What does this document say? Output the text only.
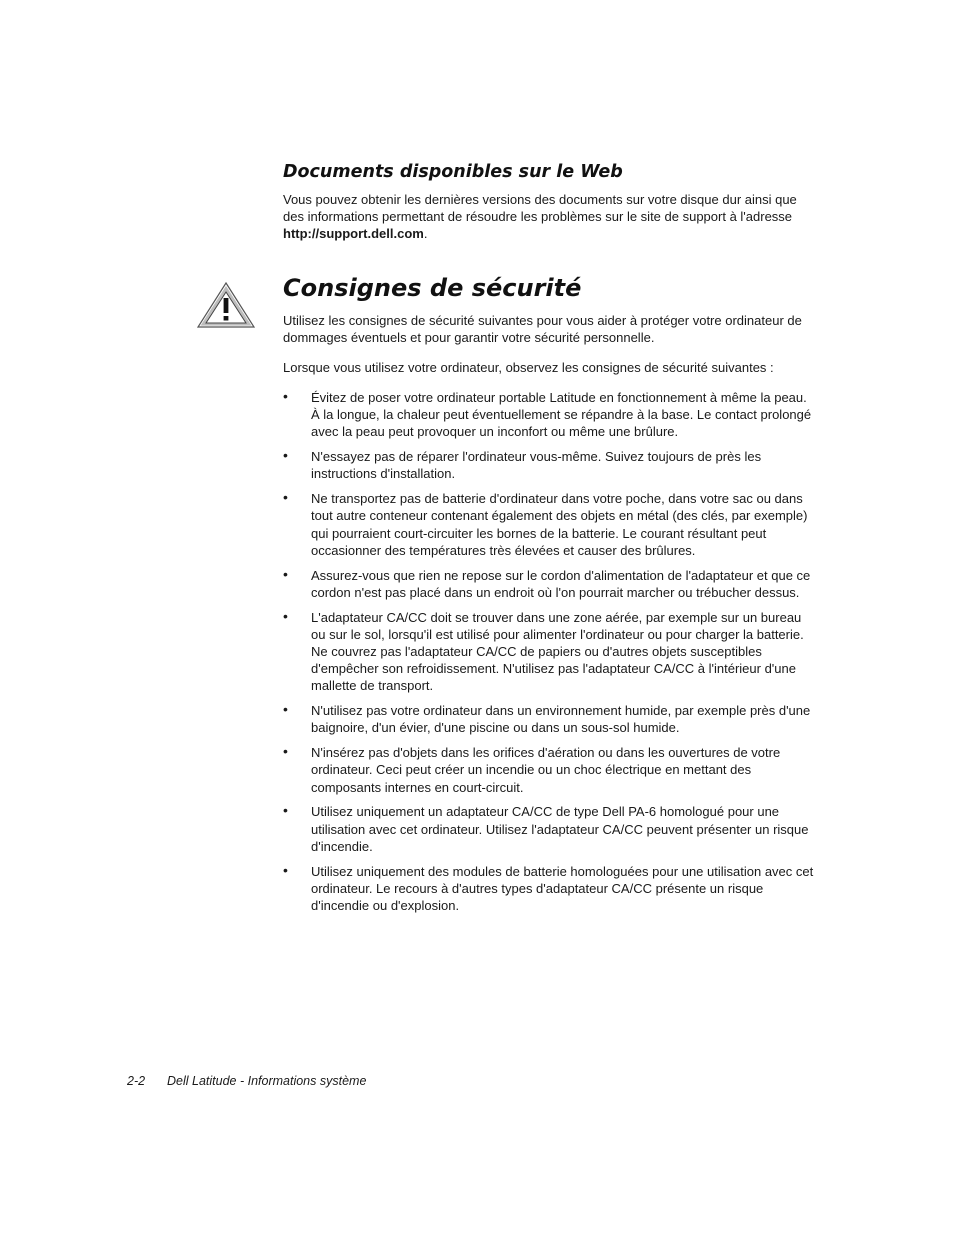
Documents disponibles sur le Web

Vous pouvez obtenir les dernières versions des documents sur votre disque dur ainsi que des informations permettant de résoudre les problèmes sur le site de support à l'adresse http://support.dell.com.

Consignes de sécurité

Utilisez les consignes de sécurité suivantes pour vous aider à protéger votre ordinateur de dommages éventuels et pour garantir votre sécurité personnelle.

Lorsque vous utilisez votre ordinateur, observez les consignes de sécurité suivantes :

• Évitez de poser votre ordinateur portable Latitude en fonctionnement à même la peau. À la longue, la chaleur peut éventuellement se répandre à la base. Le contact prolongé avec la peau peut provoquer un inconfort ou même une brûlure.
• N'essayez pas de réparer l'ordinateur vous-même. Suivez toujours de près les instructions d'installation.
• Ne transportez pas de batterie d'ordinateur dans votre poche, dans votre sac ou dans tout autre conteneur contenant également des objets en métal (des clés, par exemple) qui pourraient court-circuiter les bornes de la batterie. Le courant résultant peut occasionner des températures très élevées et causer des brûlures.
• Assurez-vous que rien ne repose sur le cordon d'alimentation de l'adaptateur et que ce cordon n'est pas placé dans un endroit où l'on pourrait marcher ou trébucher dessus.
• L'adaptateur CA/CC doit se trouver dans une zone aérée, par exemple sur un bureau ou sur le sol, lorsqu'il est utilisé pour alimenter l'ordinateur ou pour charger la batterie. Ne couvrez pas l'adaptateur CA/CC de papiers ou d'autres objets susceptibles d'empêcher son refroidissement. N'utilisez pas l'adaptateur CA/CC à l'intérieur d'une mallette de transport.
• N'utilisez pas votre ordinateur dans un environnement humide, par exemple près d'une baignoire, d'un évier, d'une piscine ou dans un sous-sol humide.
• N'insérez pas d'objets dans les orifices d'aération ou dans les ouvertures de votre ordinateur. Ceci peut créer un incendie ou un choc électrique en mettant des composants internes en court-circuit.
• Utilisez uniquement un adaptateur CA/CC de type Dell PA-6 homologué pour une utilisation avec cet ordinateur. Utilisez l'adaptateur CA/CC peuvent présenter un risque d'incendie.
• Utilisez uniquement des modules de batterie homologuées pour une utilisation avec cet ordinateur. Le recours à d'autres types d'adaptateur CA/CC présente un risque d'incendie ou d'explosion.
2-2 Dell Latitude - Informations système
